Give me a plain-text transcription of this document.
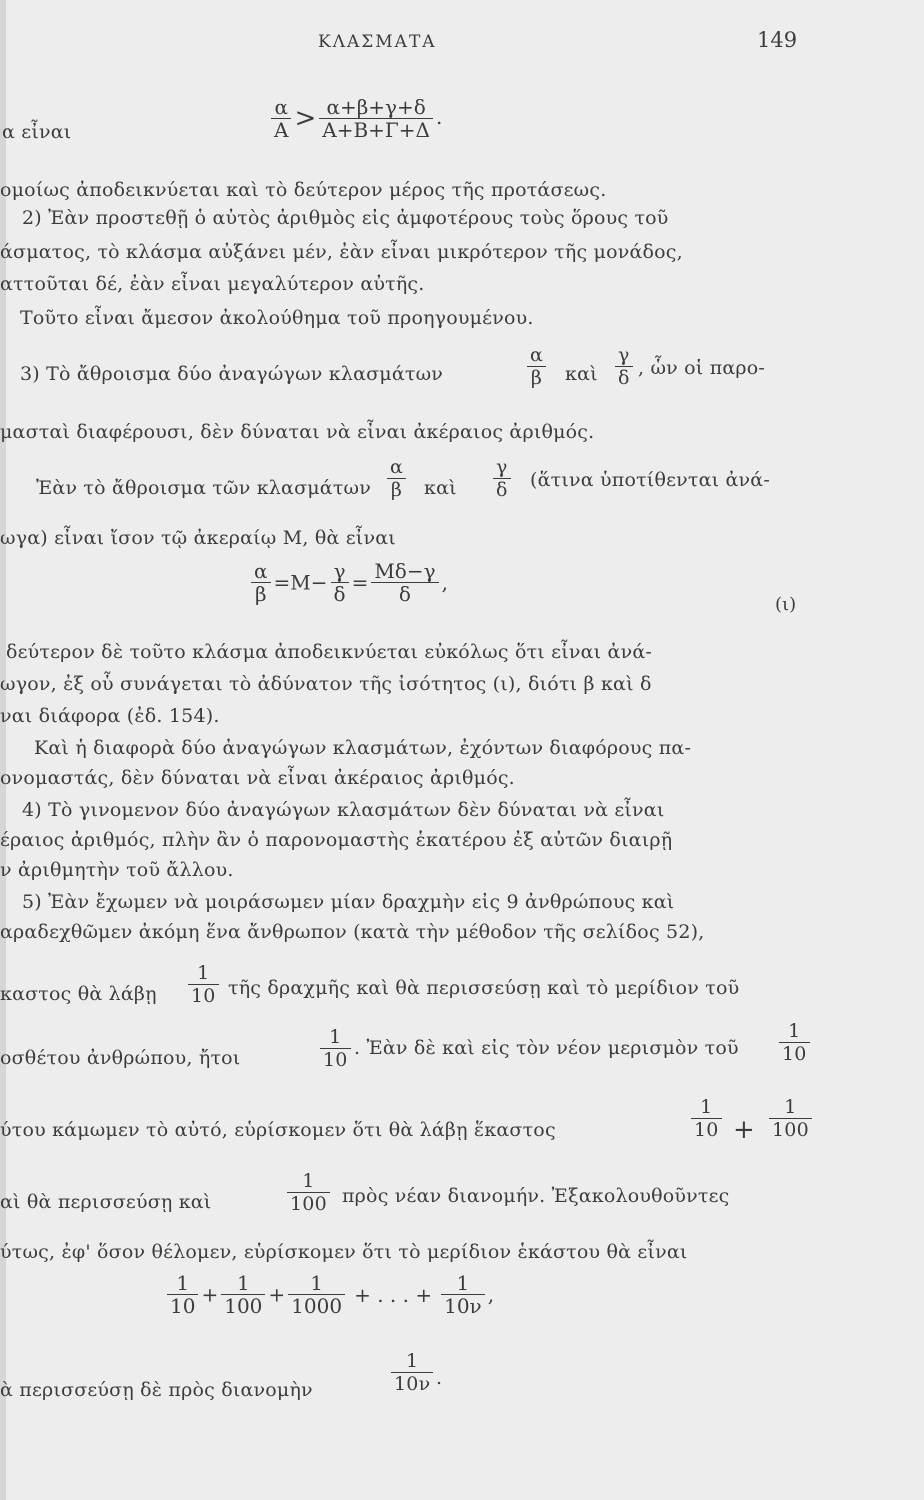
ΚΛΑΣΜΑΤΑ	149
α εἶναι	$\frac{\alpha}{A} > \frac{\alpha+\beta+\gamma+\delta}{A+B+\Gamma+\Delta}$ .
ομοίως ἀποδεικνύεται καὶ τὸ δεύτερον μέρος τῆς προτάσεως.
2) Ἐὰν προστεθῇ ὁ αὐτὸς ἀριθμὸς εἰς ἀμφοτέρους τοὺς ὅρους τοῦ
άσματος, τὸ κλάσμα αὐξάνει μέν, ἐὰν εἶναι μικρότερον τῆς μονάδος,
αττοῦται δέ, ἐὰν εἶναι μεγαλύτερον αὐτῆς.
Τοῦτο εἶναι ἄμεσον ἀκολούθημα τοῦ προηγουμένου.
3) Τὸ ἄθροισμα δύο ἀναγώγων κλασμάτων	$\frac{\alpha}{\beta}$ καὶ $\frac{\gamma}{\delta}$ , ὧν οἱ παρο-
μασταὶ διαφέρουσι, δὲν δύναται νὰ εἶναι ἀκέραιος ἀριθμός.
Ἐὰν τὸ ἄθροισμα τῶν κλασμάτων $\frac{\alpha}{\beta}$ καὶ $\frac{\gamma}{\delta}$ (ἅτινα ὑποτίθενται ἀνά-
ωγα) εἶναι ἴσον τῷ ἀκεραίῳ Μ, θὰ εἶναι
$\frac{\alpha}{\beta} =M- \frac{\gamma}{\delta} = \frac{M\delta-\gamma}{\delta}$ ,
(ι)
δεύτερον δὲ τοῦτο κλάσμα ἀποδεικνύεται εὐκόλως ὅτι εἶναι ἀνά-
ωγον, ἐξ οὗ συνάγεται τὸ ἀδύνατον τῆς ἰσότητος (ι), διότι β καὶ δ
ναι διάφορα (ἐδ. 154).
Καὶ ἡ διαφορὰ δύο ἀναγώγων κλασμάτων, ἐχόντων διαφόρους πα-
ονομαστάς, δὲν δύναται νὰ εἶναι ἀκέραιος ἀριθμός.
4) Τὸ γινομενον δύο ἀναγώγων κλασμάτων δὲν δύναται νὰ εἶναι
έραιος ἀριθμός, πλὴν ἂν ὁ παρονομαστὴς ἑκατέρου ἐξ αὐτῶν διαιρῇ
ν ἀριθμητὴν τοῦ ἄλλου.
5) Ἐὰν ἔχωμεν νὰ μοιράσωμεν μίαν δραχμὴν εἰς 9 ἀνθρώπους καὶ
αραδεχθῶμεν ἀκόμη ἕνα ἄνθρωπον (κατὰ τὴν μέθοδον τῆς σελίδος 52),
καστος θὰ λάβῃ $\frac{1}{10}$ τῆς δραχμῆς καὶ θὰ περισσεύσῃ καὶ τὸ μερίδιον τοῦ
οσθέτου ἀνθρώπου, ἤτοι	$\frac{1}{10}$ . Ἐὰν δὲ καὶ εἰς τὸν νέον μερισμὸν τοῦ $\frac{1}{10}$
ύτου κάμωμεν τὸ αὐτό, εὑρίσκομεν ὅτι θὰ λάβῃ ἕκαστος	$\frac{1}{10} + \frac{1}{100}$
αὶ θὰ περισσεύσῃ καὶ	$\frac{1}{100}$ πρὸς νέαν διανομήν. Ἐξακολουθοῦντες
ύτως, ἐφ' ὅσον θέλομεν, εὑρίσκομεν ὅτι τὸ μερίδιον ἑκάστου θὰ εἶναι
$\frac{1}{10} + \frac{1}{100} + \frac{1}{1000}$ + . . . + $\frac{1}{10\nu}$ ,
ὰ περισσεύσῃ δὲ πρὸς διανομὴν	$\frac{1}{10\nu}$ .
